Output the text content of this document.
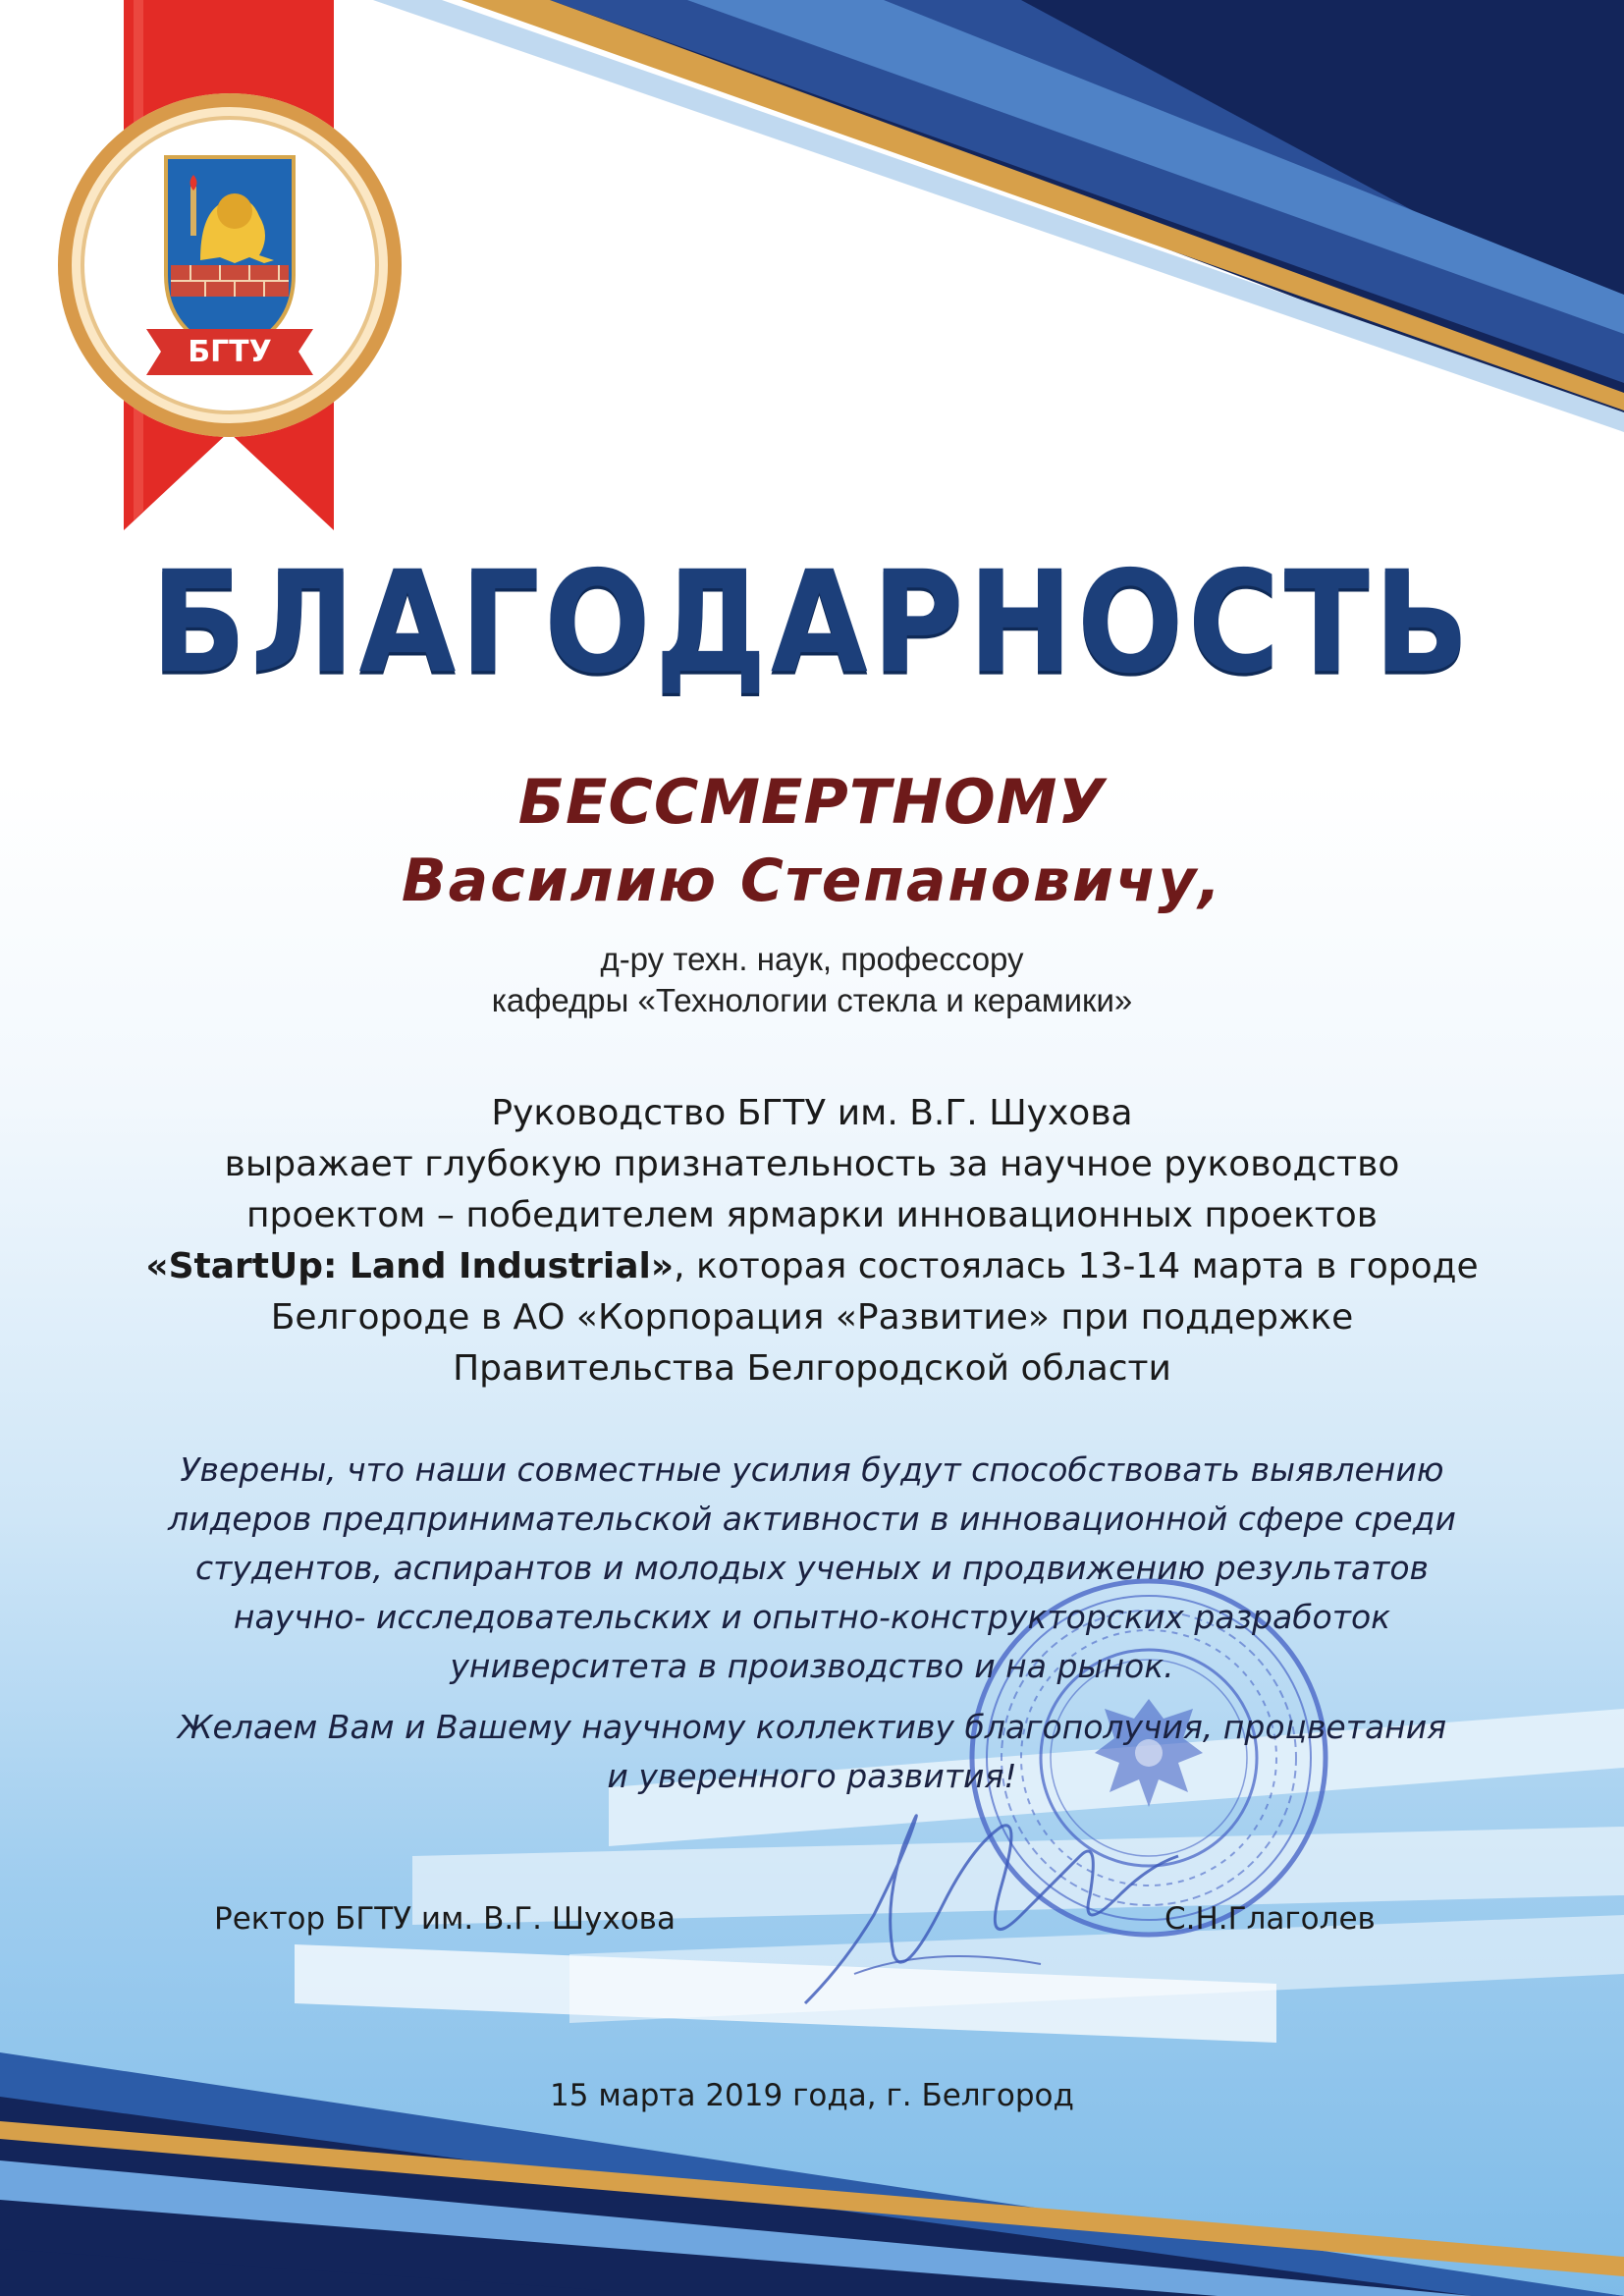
БГТУ
БЛАГОДАРНОСТЬ
БЕССМЕРТНОМУ
Василию Степановичу,
д-ру техн. наук, профессору
кафедры «Технологии стекла и керамики»
Руководство БГТУ им. В.Г. Шухова
выражает глубокую признательность за научное руководство
проектом – победителем ярмарки инновационных проектов
«StartUp: Land Industrial», которая состоялась 13-14 марта в городе
Белгороде в АО «Корпорация «Развитие» при поддержке
Правительства Белгородской области
Уверены, что наши совместные усилия будут способствовать выявлению
лидеров предпринимательской активности в инновационной сфере среди
студентов, аспирантов и молодых ученых и продвижению результатов
научно- исследовательских и опытно-конструкторских разработок
университета в производство и на рынок.
Желаем Вам и Вашему научному коллективу благополучия, процветания
и уверенного развития!
Ректор БГТУ им. В.Г. Шухова	С.Н.Глаголев
15 марта 2019 года, г. Белгород
